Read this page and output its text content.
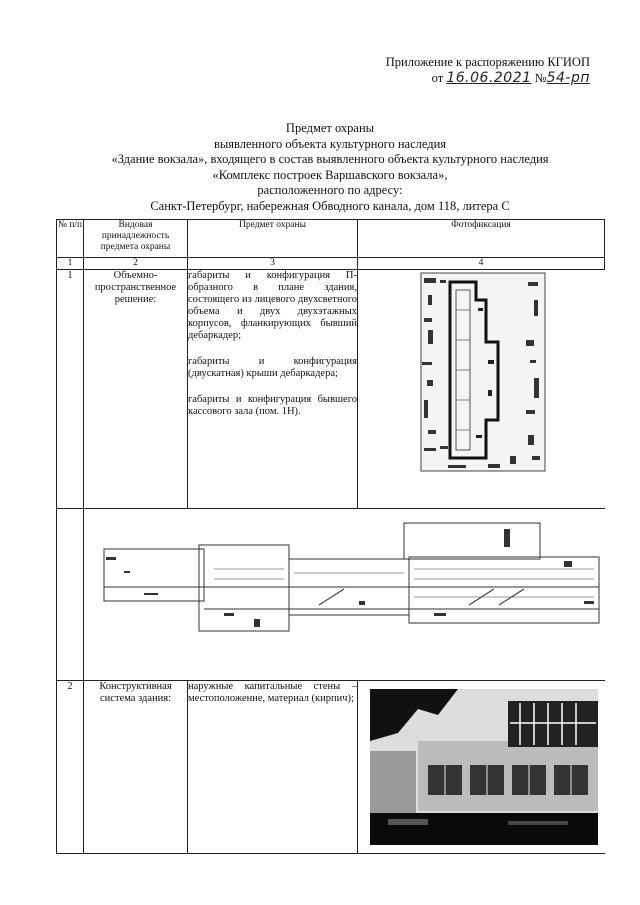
Приложение к распоряжению КГИОП
от 16.06.2021 №54-рп
Предмет охраны
выявленного объекта культурного наследия
«Здание вокзала», входящего в состав выявленного объекта культурного наследия
«Комплекс построек Варшавского вокзала»,
расположенного по адресу:
Санкт-Петербург, набережная Обводного канала, дом 118, литера С
№ п/п	Видовая принадлежность предмета охраны	Предмет охраны	Фотофиксация
1	2	3	4
1	Объемно-пространственное решение:	габариты и конфигурация П-образного в плане здания, состоящего из лицевого двухсветного объема и двух двухэтажных корпусов, фланкирующих бывший дебаркадер;

габариты и конфигурация (двускатная) крыши дебаркадера;

габариты и конфигурация бывшего кассового зала (пом. 1Н).

2	Конструктивная система здания:	наружные капитальные стены – местоположение, материал (кирпич);
